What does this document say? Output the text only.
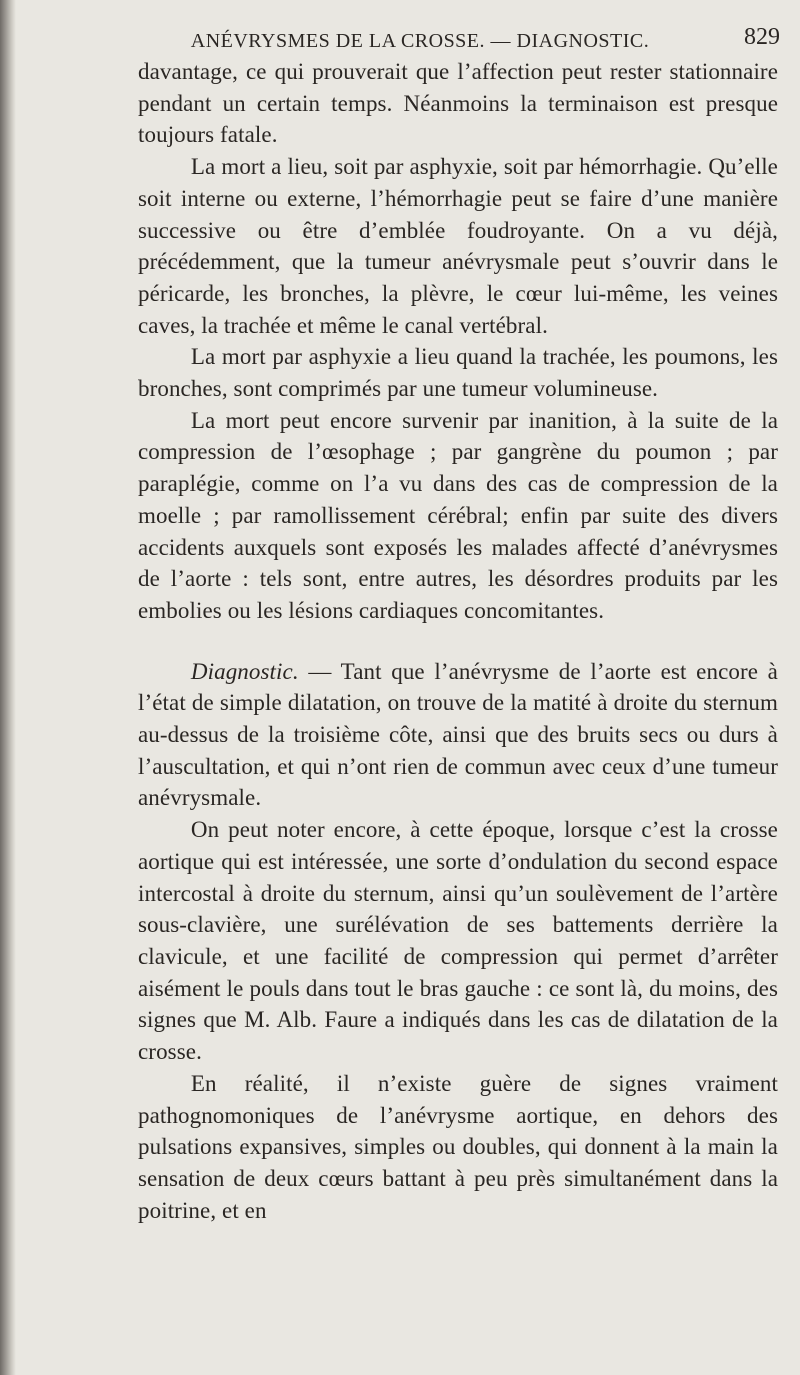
ANÉVRYSMES DE LA CROSSE. — DIAGNOSTIC.	829

davantage, ce qui prouverait que l’affection peut rester stationnaire pendant un certain temps. Néanmoins la terminaison est presque toujours fatale.

La mort a lieu, soit par asphyxie, soit par hémorrhagie. Qu’elle soit interne ou externe, l’hémorrhagie peut se faire d’une manière successive ou être d’emblée foudroyante. On a vu déjà, précédemment, que la tumeur anévrysmale peut s’ouvrir dans le péricarde, les bronches, la plèvre, le cœur lui-même, les veines caves, la trachée et même le canal vertébral.

La mort par asphyxie a lieu quand la trachée, les poumons, les bronches, sont comprimés par une tumeur volumineuse.

La mort peut encore survenir par inanition, à la suite de la compression de l’œsophage ; par gangrène du poumon ; par paraplégie, comme on l’a vu dans des cas de compression de la moelle ; par ramollissement cérébral; enfin par suite des divers accidents auxquels sont exposés les malades affecté d’anévrysmes de l’aorte : tels sont, entre autres, les désordres produits par les embolies ou les lésions cardiaques concomitantes.

Diagnostic. — Tant que l’anévrysme de l’aorte est encore à l’état de simple dilatation, on trouve de la matité à droite du sternum au-dessus de la troisième côte, ainsi que des bruits secs ou durs à l’auscultation, et qui n’ont rien de commun avec ceux d’une tumeur anévrysmale.

On peut noter encore, à cette époque, lorsque c’est la crosse aortique qui est intéressée, une sorte d’ondulation du second espace intercostal à droite du sternum, ainsi qu’un soulèvement de l’artère sous-clavière, une surélévation de ses battements derrière la clavicule, et une facilité de compression qui permet d’arrêter aisément le pouls dans tout le bras gauche : ce sont là, du moins, des signes que M. Alb. Faure a indiqués dans les cas de dilatation de la crosse.

En réalité, il n’existe guère de signes vraiment pathognomoniques de l’anévrysme aortique, en dehors des pulsations expansives, simples ou doubles, qui donnent à la main la sensation de deux cœurs battant à peu près simultanément dans la poitrine, et en
